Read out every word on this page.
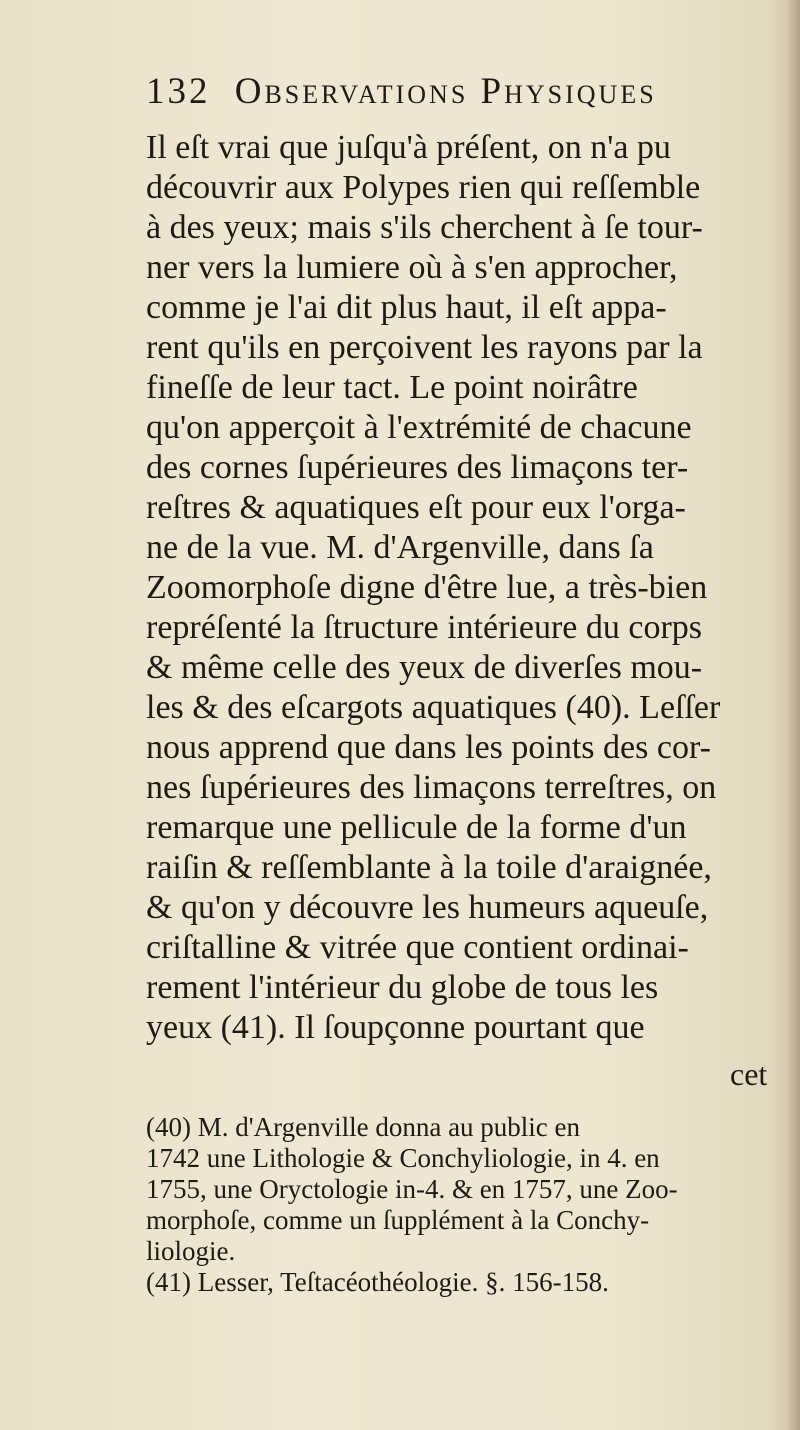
132 Observations Physiques
Il eſt vrai que juſqu'à préſent, on n'a pu
découvrir aux Polypes rien qui reſſemble
à des yeux; mais s'ils cherchent à ſe tour-
ner vers la lumiere où à s'en approcher,
comme je l'ai dit plus haut, il eſt appa-
rent qu'ils en perçoivent les rayons par la
fineſſe de leur tact. Le point noirâtre
qu'on apperçoit à l'extrémité de chacune
des cornes ſupérieures des limaçons ter-
reſtres & aquatiques eſt pour eux l'orga-
ne de la vue. M. d'Argenville, dans ſa
Zoomorphoſe digne d'être lue, a très-bien
repréſenté la ſtructure intérieure du corps
& même celle des yeux de diverſes mou-
les & des eſcargots aquatiques (40). Leſſer
nous apprend que dans les points des cor-
nes ſupérieures des limaçons terreſtres, on
remarque une pellicule de la forme d'un
raiſin & reſſemblante à la toile d'araignée,
& qu'on y découvre les humeurs aqueuſe,
criſtalline & vitrée que contient ordinai-
rement l'intérieur du globe de tous les
yeux (41). Il ſoupçonne pourtant que
cet
(40) M. d'Argenville donna au public en
1742 une Lithologie & Conchyliologie, in 4. en
1755, une Oryctologie in-4. & en 1757, une Zoo-
morphoſe, comme un ſupplément à la Conchy-
liologie.
(41) Lesser, Teſtacéothéologie. §. 156-158.
